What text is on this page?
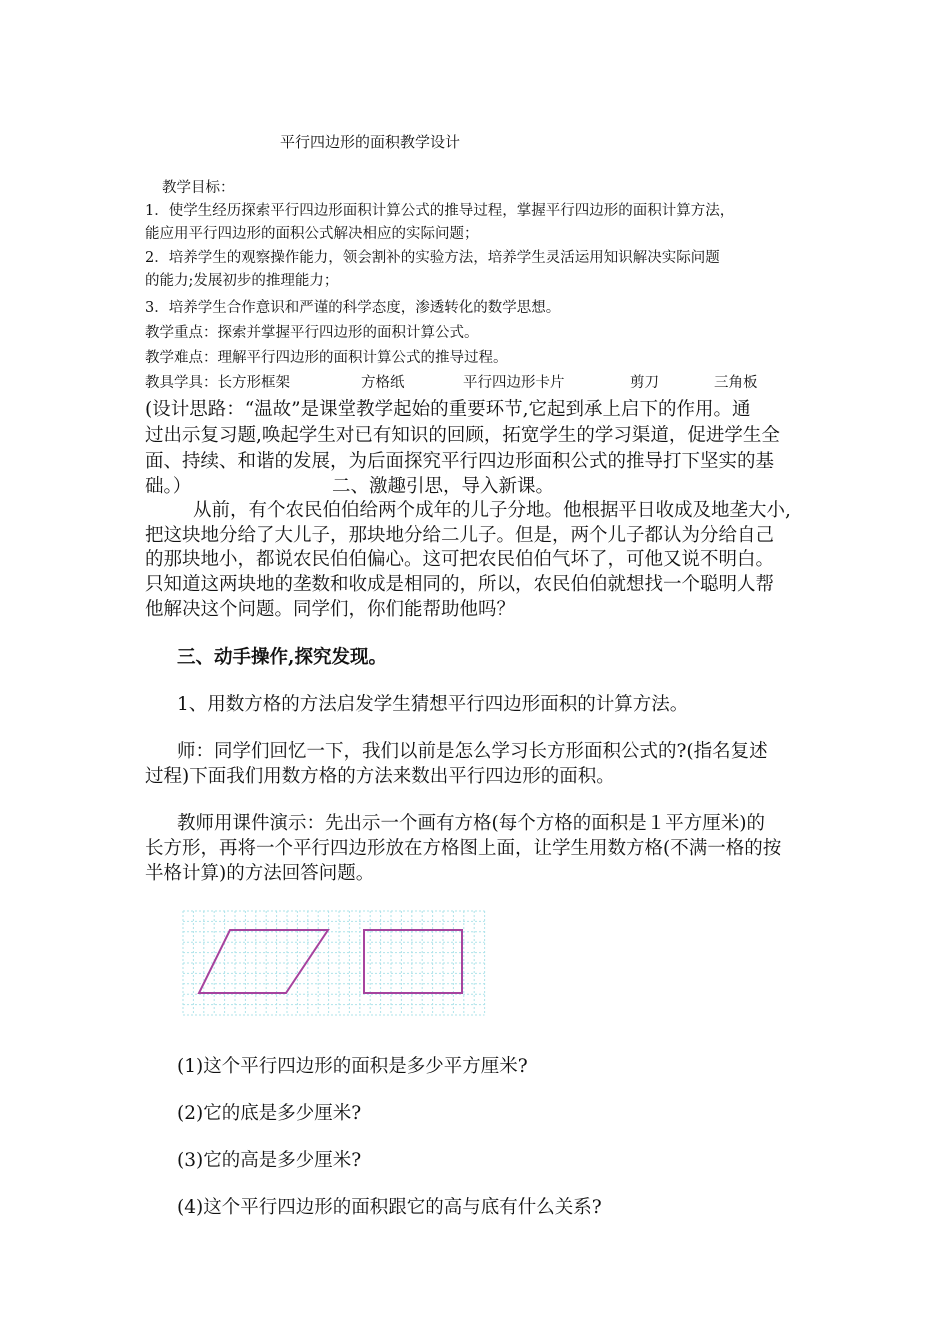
平行四边形的面积教学设计

教学目标：

1．使学生经历探索平行四边形面积计算公式的推导过程，掌握平行四边形的面积计算方法，

能应用平行四边形的面积公式解决相应的实际问题；

2．培养学生的观察操作能力，领会割补的实验方法，培养学生灵活运用知识解决实际问题

的能力;发展初步的推理能力；

3．培养学生合作意识和严谨的科学态度，渗透转化的数学思想。

教学重点：探索并掌握平行四边形的面积计算公式。

教学难点：理解平行四边形的面积计算公式的推导过程。

教具学具：长方形框架	方格纸	平行四边形卡片	剪刀	三角板

(设计思路：“温故”是课堂教学起始的重要环节,它起到承上启下的作用。通

过出示复习题,唤起学生对已有知识的回顾，拓宽学生的学习渠道，促进学生全

面、持续、和谐的发展，为后面探究平行四边形面积公式的推导打下坚实的基

础。）	二、激趣引思，导入新课。

从前，有个农民伯伯给两个成年的儿子分地。他根据平日收成及地垄大小,

把这块地分给了大儿子，那块地分给二儿子。但是，两个儿子都认为分给自己

的那块地小，都说农民伯伯偏心。这可把农民伯伯气坏了，可他又说不明白。

只知道这两块地的垄数和收成是相同的，所以，农民伯伯就想找一个聪明人帮

他解决这个问题。同学们，你们能帮助他吗？

三、动手操作,探究发现。

1、用数方格的方法启发学生猜想平行四边形面积的计算方法。

师：同学们回忆一下，我们以前是怎么学习长方形面积公式的?(指名复述

过程)下面我们用数方格的方法来数出平行四边形的面积。

教师用课件演示：先出示一个画有方格(每个方格的面积是１平方厘米)的

长方形，再将一个平行四边形放在方格图上面，让学生用数方格(不满一格的按

半格计算)的方法回答问题。

(1)这个平行四边形的面积是多少平方厘米?

(2)它的底是多少厘米?

(3)它的高是多少厘米?

(4)这个平行四边形的面积跟它的高与底有什么关系?
